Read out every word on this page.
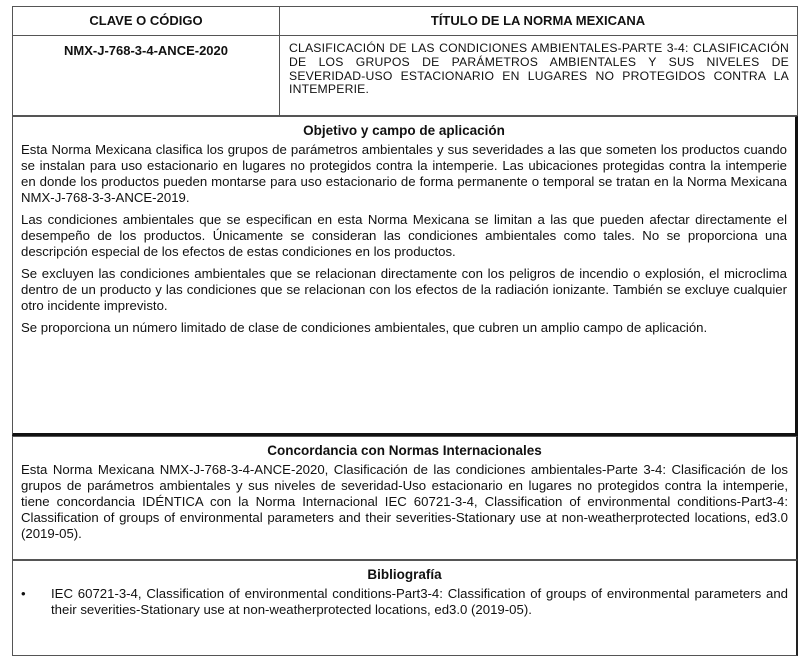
CLAVE O CÓDIGO	TÍTULO DE LA NORMA MEXICANA
NMX-J-768-3-4-ANCE-2020	CLASIFICACIÓN DE LAS CONDICIONES AMBIENTALES-PARTE 3-4: CLASIFICACIÓN DE LOS GRUPOS DE PARÁMETROS AMBIENTALES Y SUS NIVELES DE SEVERIDAD-USO ESTACIONARIO EN LUGARES NO PROTEGIDOS CONTRA LA INTEMPERIE.
Objetivo y campo de aplicación

Esta Norma Mexicana clasifica los grupos de parámetros ambientales y sus severidades a las que someten los productos cuando se instalan para uso estacionario en lugares no protegidos contra la intemperie. Las ubicaciones protegidas contra la intemperie en donde los productos pueden montarse para uso estacionario de forma permanente o temporal se tratan en la Norma Mexicana NMX-J-768-3-3-ANCE-2019.

Las condiciones ambientales que se especifican en esta Norma Mexicana se limitan a las que pueden afectar directamente el desempeño de los productos. Únicamente se consideran las condiciones ambientales como tales. No se proporciona una descripción especial de los efectos de estas condiciones en los productos.

Se excluyen las condiciones ambientales que se relacionan directamente con los peligros de incendio o explosión, el microclima dentro de un producto y las condiciones que se relacionan con los efectos de la radiación ionizante. También se excluye cualquier otro incidente imprevisto.

Se proporciona un número limitado de clase de condiciones ambientales, que cubren un amplio campo de aplicación.

Concordancia con Normas Internacionales

Esta Norma Mexicana NMX-J-768-3-4-ANCE-2020, Clasificación de las condiciones ambientales-Parte 3-4: Clasificación de los grupos de parámetros ambientales y sus niveles de severidad-Uso estacionario en lugares no protegidos contra la intemperie, tiene concordancia IDÉNTICA con la Norma Internacional IEC 60721-3-4, Classification of environmental conditions-Part3-4: Classification of groups of environmental parameters and their severities-Stationary use at non-weatherprotected locations, ed3.0 (2019-05).

Bibliografía
•	IEC 60721-3-4, Classification of environmental conditions-Part3-4: Classification of groups of environmental parameters and their severities-Stationary use at non-weatherprotected locations, ed3.0 (2019-05).
